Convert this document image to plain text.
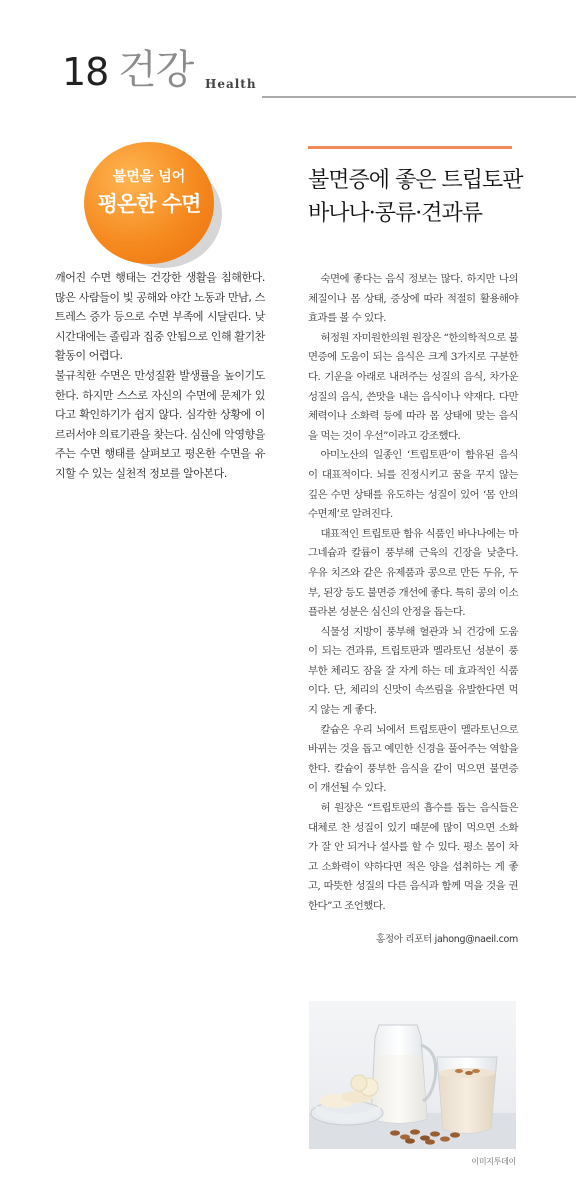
18 건강 Health
불면을 넘어
평온한 수면
불면증에 좋은 트립토판
바나나·콩류·견과류

깨어진 수면 행태는 건강한 생활을 침해한다. 많은 사람들이 빛 공해와 야간 노동과 만남, 스트레스 증가 등으로 수면 부족에 시달린다. 낮 시간대에는 졸림과 집중 안됨으로 인해 활기찬 활동이 어렵다.

불규칙한 수면은 만성질환 발생률을 높이기도 한다. 하지만 스스로 자신의 수면에 문제가 있다고 확인하기가 쉽지 않다. 심각한 상황에 이르러서야 의료기관을 찾는다. 심신에 악영향을 주는 수면 행태를 살펴보고 평온한 수면을 유지할 수 있는 실천적 정보를 알아본다.

숙면에 좋다는 음식 정보는 많다. 하지만 나의 체질이나 몸 상태, 증상에 따라 적절히 활용해야 효과를 볼 수 있다.

허정원 자미원한의원 원장은 “한의학적으로 불면증에 도움이 되는 음식은 크게 3가지로 구분한다. 기운을 아래로 내려주는 성질의 음식, 차가운 성질의 음식, 쓴맛을 내는 음식이나 약재다. 다만 체력이나 소화력 등에 따라 몸 상태에 맞는 음식을 먹는 것이 우선”이라고 강조했다.

아미노산의 일종인 ‘트립토판’이 함유된 음식이 대표적이다. 뇌를 진정시키고 꿈을 꾸지 않는 깊은 수면 상태를 유도하는 성질이 있어 ‘몸 안의 수면제’로 알려진다.

대표적인 트립토판 함유 식품인 바나나에는 마그네슘과 칼륨이 풍부해 근육의 긴장을 낮춘다. 우유 치즈와 같은 유제품과 콩으로 만든 두유, 두부, 된장 등도 불면증 개선에 좋다. 특히 콩의 이소플라본 성분은 심신의 안정을 돕는다.

식물성 지방이 풍부해 혈관과 뇌 건강에 도움이 되는 견과류, 트립토판과 멜라토닌 성분이 풍부한 체리도 잠을 잘 자게 하는 데 효과적인 식품이다. 단, 체리의 신맛이 속쓰림을 유발한다면 먹지 않는 게 좋다.

칼슘은 우리 뇌에서 트립토판이 멜라토닌으로 바뀌는 것을 돕고 예민한 신경을 풀어주는 역할을 한다. 칼슘이 풍부한 음식을 같이 먹으면 불면증이 개선될 수 있다.

허 원장은 “트립토판의 흡수를 돕는 음식들은 대체로 찬 성질이 있기 때문에 많이 먹으면 소화가 잘 안 되거나 설사를 할 수 있다. 평소 몸이 차고 소화력이 약하다면 적은 양을 섭취하는 게 좋고, 따뜻한 성질의 다른 음식과 함께 먹을 것을 권한다”고 조언했다.

홍정아 리포터 jahong@naeil.com
이미지투데이
